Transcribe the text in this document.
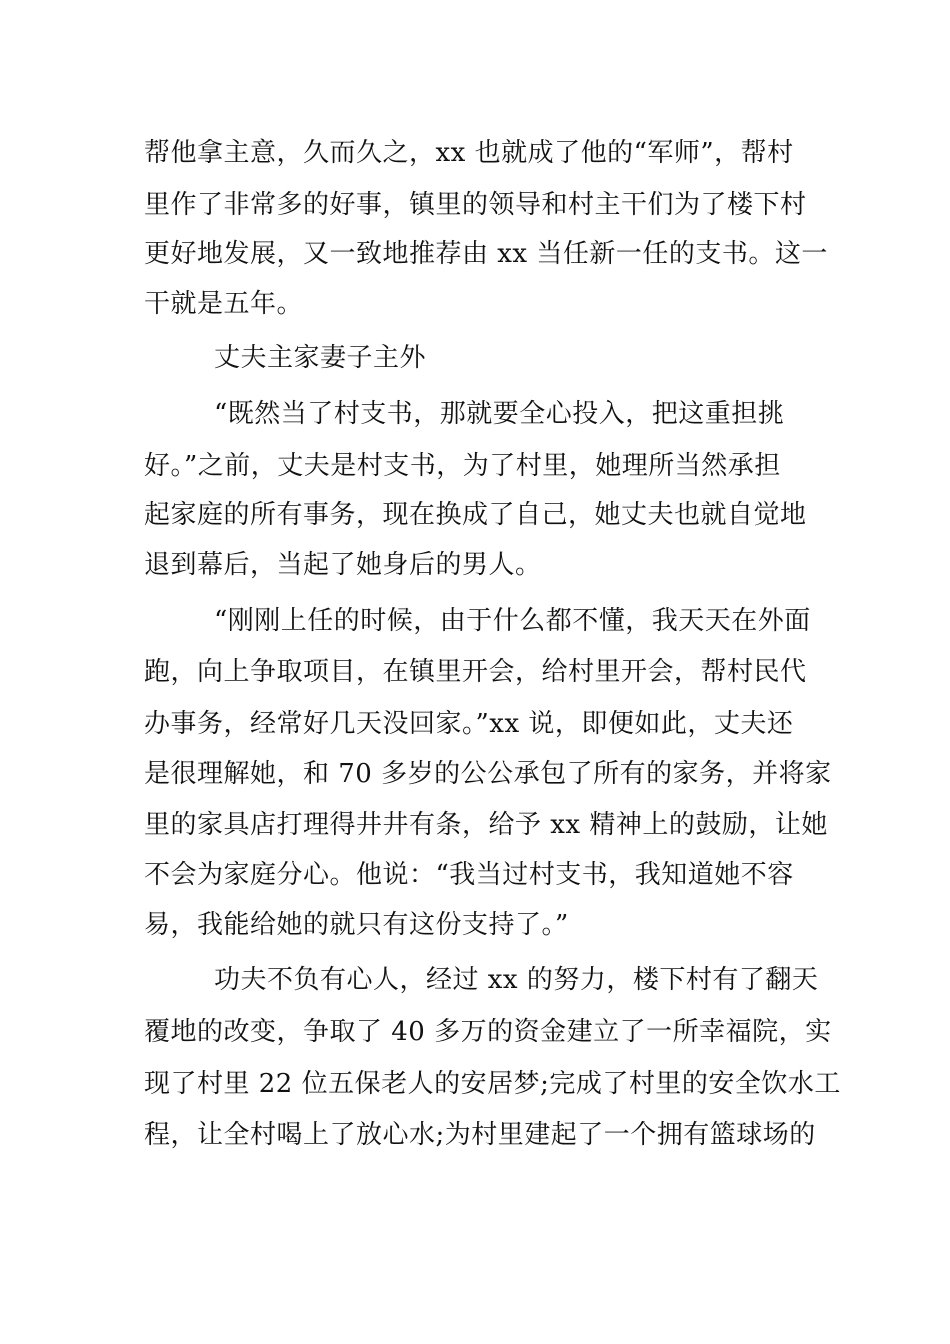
帮他拿主意，久而久之，xx 也就成了他的“军师”，帮村
里作了非常多的好事，镇里的领导和村主干们为了楼下村
更好地发展，又一致地推荐由 xx 当任新一任的支书。这一
干就是五年。
丈夫主家妻子主外
“既然当了村支书，那就要全心投入，把这重担挑
好。”之前，丈夫是村支书，为了村里，她理所当然承担
起家庭的所有事务，现在换成了自己，她丈夫也就自觉地
退到幕后，当起了她身后的男人。
“刚刚上任的时候，由于什么都不懂，我天天在外面
跑，向上争取项目，在镇里开会，给村里开会，帮村民代
办事务，经常好几天没回家。”xx 说，即便如此，丈夫还
是很理解她，和 70 多岁的公公承包了所有的家务，并将家
里的家具店打理得井井有条，给予 xx 精神上的鼓励，让她
不会为家庭分心。他说：“我当过村支书，我知道她不容
易，我能给她的就只有这份支持了。”
功夫不负有心人，经过 xx 的努力，楼下村有了翻天
覆地的改变，争取了 40 多万的资金建立了一所幸福院，实
现了村里 22 位五保老人的安居梦;完成了村里的安全饮水工
程，让全村喝上了放心水;为村里建起了一个拥有篮球场的
